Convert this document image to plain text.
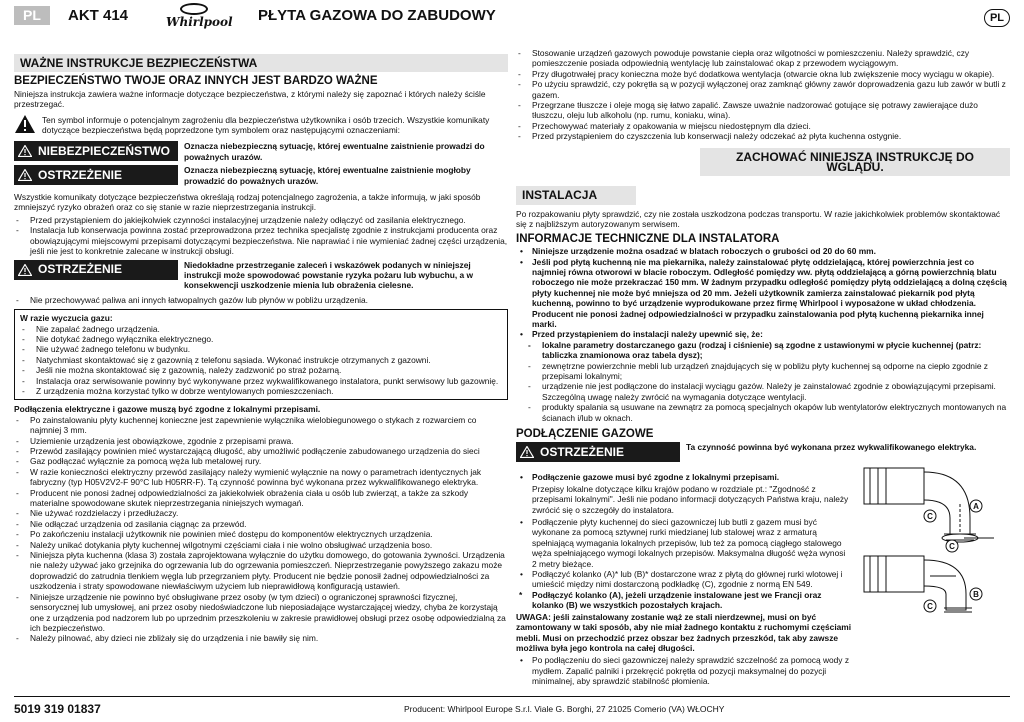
PL	AKT 414	Whirlpool PŁYTA GAZOWA DO ZABUDOWY	PL
WAŻNE INSTRUKCJE BEZPIECZEŃSTWA
BEZPIECZEŃSTWO TWOJE ORAZ INNYCH JEST BARDZO WAŻNE

Niniejsza instrukcja zawiera ważne informacje dotyczące bezpieczeństwa, z którymi należy się zapoznać i których należy ściśle przestrzegać.

Ten symbol informuje o potencjalnym zagrożeniu dla bezpieczeństwa użytkownika i osób trzecich. Wszystkie komunikaty dotyczące bezpieczeństwa będą poprzedzone tym symbolem oraz następującymi oznaczeniami:

NIEBEZPIECZEŃSTWO Oznacza niebezpieczną sytuację, której ewentualne zaistnienie prowadzi do poważnych urazów.
OSTRZEŻENIE	Oznacza niebezpieczną sytuację, której ewentualne zaistnienie mogłoby prowadzić do poważnych urazów.

Wszystkie komunikaty dotyczące bezpieczeństwa określają rodzaj potencjalnego zagrożenia, a także informują, w jaki sposób zmniejszyć ryzyko obrażeń oraz co się stanie w razie nieprzestrzegania instrukcji.

- Przed przystąpieniem do jakiejkolwiek czynności instalacyjnej urządzenie należy odłączyć od zasilania elektrycznego.

- Instalacja lub konserwacja powinna zostać przeprowadzona przez technika specjalistę zgodnie z instrukcjami producenta oraz obowiązującymi miejscowymi przepisami dotyczącymi bezpieczeństwa. Nie naprawiać i nie wymieniać żadnej części urządzenia, jeśli nie jest to konkretnie zalecane w instrukcji obsługi.

OSTRZEŻENIE	Niedokładne przestrzeganie zaleceń i wskazówek podanych w niniejszej instrukcji może spowodować powstanie ryzyka pożaru lub wybuchu, a w konsekwencji uszkodzenie mienia lub obrażenia cielesne.

- Nie przechowywać paliwa ani innych łatwopalnych gazów lub płynów w pobliżu urządzenia.

W razie wyczucia gazu:

- Nie zapalać żadnego urządzenia.

- Nie dotykać żadnego wyłącznika elektrycznego.

- Nie używać żadnego telefonu w budynku.

- Natychmiast skontaktować się z gazownią z telefonu sąsiada. Wykonać instrukcje otrzymanych z gazowni.

- Jeśli nie można skontaktować się z gazownią, należy zadzwonić po straż pożarną.

- Instalacja oraz serwisowanie powinny być wykonywane przez wykwalifikowanego instalatora, punkt serwisowy lub gazownię.

- Z urządzenia można korzystać tylko w dobrze wentylowanych pomieszczeniach.

Podłączenia elektryczne i gazowe muszą być zgodne z lokalnymi przepisami.

- Po zainstalowaniu płyty kuchennej konieczne jest zapewnienie wyłącznika wielobiegunowego o stykach z rozwarciem co najmniej 3 mm.

- Uziemienie urządzenia jest obowiązkowe, zgodnie z przepisami prawa.

- Przewód zasilający powinien mieć wystarczającą długość, aby umożliwić podłączenie zabudowanego urządzenia do sieci

- Gaz podłączać wyłącznie za pomocą węża lub metalowej rury.

- W razie konieczności elektryczny przewód zasilający należy wymienić wyłącznie na nowy o parametrach identycznych jak fabryczny (typ H05V2V2-F 90°C lub H05RR-F). Tą czynność powinna być wykonana przez wykwalifikowanego elektryka.

- Producent nie ponosi żadnej odpowiedzialności za jakiekolwiek obrażenia ciała u osób lub zwierząt, a także za szkody materialne spowodowane skutek nieprzestrzegania niniejszych wymagań.

- Nie używać rozdzielaczy i przedłużaczy.

- Nie odłączać urządzenia od zasilania ciągnąc za przewód.

- Po zakończeniu instalacji użytkownik nie powinien mieć dostępu do komponentów elektrycznych urządzenia.

- Należy unikać dotykania płyty kuchennej wilgotnymi częściami ciała i nie wolno obsługiwać urządzenia boso.

- Niniejsza płyta kuchenna (klasa 3) została zaprojektowana wyłącznie do użytku domowego, do gotowania żywności. Urządzenia nie należy używać jako grzejnika do ogrzewania lub do ogrzewania pomieszczeń. Nieprzestrzeganie powyższego zakazu może doprowadzić do zatrudnia tlenkiem węgla lub przegrzaniem płyty. Producent nie będzie ponosił żadnej odpowiedzialności za uszkodzenia i straty spowodowane niewłaściwym użyciem lub nieprawidłową konfiguracją ustawień.

- Niniejsze urządzenie nie powinno być obsługiwane przez osoby (w tym dzieci) o ograniczonej sprawności fizycznej, sensorycznej lub umysłowej, ani przez osoby niedoświadczone lub nieposiadające wystarczającej wiedzy, chyba że korzystają one z urządzenia pod nadzorem lub po uprzednim przeszkoleniu w zakresie prawidłowej obsługi przez osobę odpowiedzialną za ich bezpieczeństwo.

- Należy pilnować, aby dzieci nie zbliżały się do urządzenia i nie bawiły się nim.

- Stosowanie urządzeń gazowych powoduje powstanie ciepła oraz wilgotności w pomieszczeniu. Należy sprawdzić, czy pomieszczenie posiada odpowiednią wentylację lub zainstalować okap z przewodem wyciągowym.

- Przy długotrwałej pracy konieczna może być dodatkowa wentylacja (otwarcie okna lub zwiększenie mocy wyciągu w okapie).

- Po użyciu sprawdzić, czy pokrętła są w pozycji wyłączonej oraz zamknąć główny zawór doprowadzenia gazu lub zawór w butli z gazem.

- Przegrzane tłuszcze i oleje mogą się łatwo zapalić. Zawsze uważnie nadzorować gotujące się potrawy zawierające dużo tłuszczu, oleju lub alkoholu (np. rumu, koniaku, wina).

- Przechowywać materiały z opakowania w miejscu niedostępnym dla dzieci.

- Przed przystąpieniem do czyszczenia lub konserwacji należy odczekać aż płyta kuchenna ostygnie.

ZACHOWAĆ NINIEJSZĄ INSTRUKCJĘ DO WGLĄDU.
INSTALACJA

Po rozpakowaniu płyty sprawdzić, czy nie została uszkodzona podczas transportu. W razie jakichkolwiek problemów skontaktować się z najbliższym autoryzowanym serwisem.

INFORMACJE TECHNICZNE DLA INSTALATORA

• Niniejsze urządzenie można osadzać w blatach roboczych o grubości od 20 do 60 mm.

• Jeśli pod płytą kuchenną nie ma piekarnika, należy zainstalować płytę oddzielającą, której powierzchnia jest co najmniej równa otworowi w blacie roboczym. Odległość pomiędzy ww. płytą oddzielającą a górną powierzchnią blatu roboczego nie może przekraczać 150 mm. W żadnym przypadku odległość pomiędzy płytą oddzielającą a dolną częścią płyty kuchennej nie może być mniejsza od 20 mm. Jeżeli użytkownik zamierza zainstalować piekarnik pod płytą kuchenną, powinno to być urządzenie wyprodukowane przez firmę Whirlpool i wyposażone w układ chłodzenia. Producent nie ponosi żadnej odpowiedzialności w przypadku zainstalowania pod płytą kuchenną piekarnika innej marki.

• Przed przystąpieniem do instalacji należy upewnić się, że:

- lokalne parametry dostarczanego gazu (rodzaj i ciśnienie) są zgodne z ustawionymi w płycie kuchennej (patrz: tabliczka znamionowa oraz tabela dysz);

- zewnętrzne powierzchnie mebli lub urządzeń znajdujących się w pobliżu płyty kuchennej są odporne na ciepło zgodnie z przepisami lokalnymi;

- urządzenie nie jest podłączone do instalacji wyciągu gazów. Należy je zainstalować zgodnie z obowiązującymi przepisami. Szczególną uwagę należy zwrócić na wymagania dotyczące wentylacji.

- produkty spalania są usuwane na zewnątrz za pomocą specjalnych okapów lub wentylatorów elektrycznych montowanych na ścianach i/lub w oknach.

PODŁĄCZENIE GAZOWE
OSTRZEŻENIE	Ta czynność powinna być wykonana przez wykwalifikowanego elektryka.

• Podłączenie gazowe musi być zgodne z lokalnymi przepisami.

Przepisy lokalne dotyczące kilku krajów podano w rozdziale pt.: "Zgodność z przepisami lokalnymi". Jeśli nie podano informacji dotyczących Państwa kraju, należy zwrócić się o szczegóły do instalatora.

• Podłączenie płyty kuchennej do sieci gazowniczej lub butli z gazem musi być wykonane za pomocą sztywnej rurki miedzianej lub stalowej wraz z armaturą spełniającą wymagania lokalnych przepisów, lub też za pomocą ciągłego stalowego węża spełniającego wymogi lokalnych przepisów. Maksymalna długość węża wynosi 2 metry bieżące.

• Podłączyć kolanko (A)* lub (B)* dostarczone wraz z płytą do głównej rurki wlotowej i umieścić między nimi dostarczoną podkładkę (C), zgodnie z normą EN 549.

* Podłączyć kolanko (A), jeżeli urządzenie instalowane jest we Francji oraz kolanko (B) we wszystkich pozostałych krajach.

UWAGA: jeśli zainstalowany zostanie wąż ze stali nierdzewnej, musi on być zamontowany w taki sposób, aby nie miał żadnego kontaktu z ruchomymi częściami mebli. Musi on przechodzić przez obszar bez żadnych przeszkód, tak aby zawsze możliwa była jego kontrola na całej długości.

• Po podłączeniu do sieci gazowniczej należy sprawdzić szczelność za pomocą wody z mydłem. Zapalić palniki i przekręcić pokrętła od pozycji maksymalnej do pozycji minimalnej, aby sprawdzić stabilność płomienia.

A
C
C
B
C
5019 319 01837	Producent: Whirlpool Europe S.r.l. Viale G. Borghi, 27 21025 Comerio (VA) WŁOCHY
